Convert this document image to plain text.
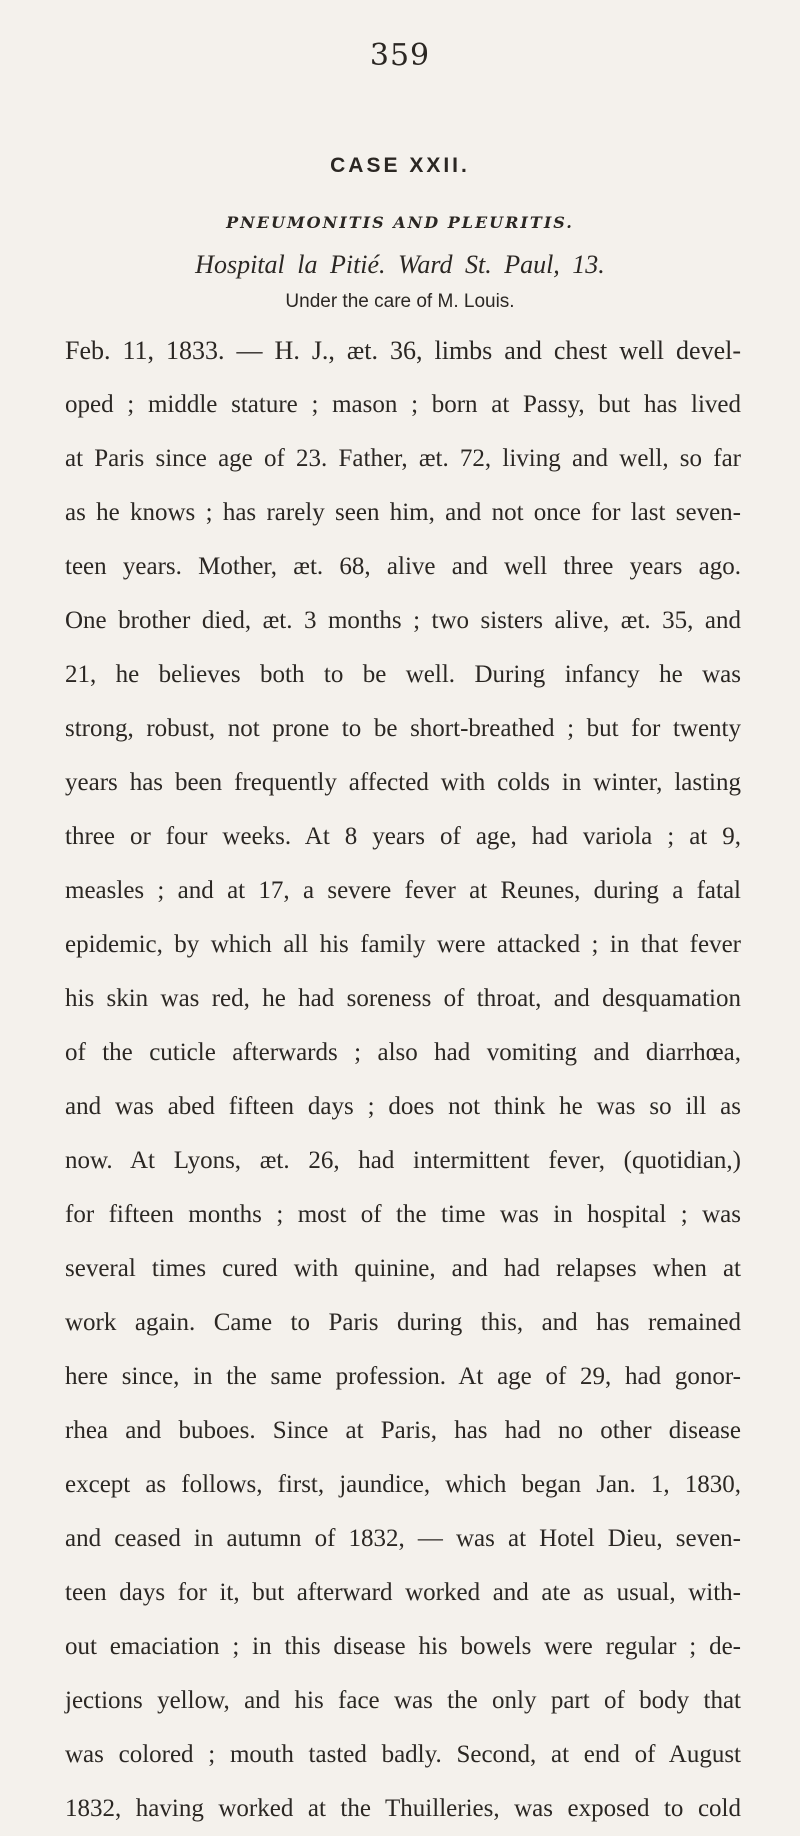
359
CASE XXII.
PNEUMONITIS AND PLEURITIS.
Hospital la Pitié. Ward St. Paul, 13.
Under the care of M. Louis.
Feb. 11, 1833. — H. J., æt. 36, limbs and chest well devel-
oped ; middle stature ; mason ; born at Passy, but has lived
at Paris since age of 23. Father, æt. 72, living and well, so far
as he knows ; has rarely seen him, and not once for last seven-
teen years. Mother, æt. 68, alive and well three years ago.
One brother died, æt. 3 months ; two sisters alive, æt. 35, and
21, he believes both to be well. During infancy he was
strong, robust, not prone to be short-breathed ; but for twenty
years has been frequently affected with colds in winter, lasting
three or four weeks. At 8 years of age, had variola ; at 9,
measles ; and at 17, a severe fever at Reunes, during a fatal
epidemic, by which all his family were attacked ; in that fever
his skin was red, he had soreness of throat, and desquamation
of the cuticle afterwards ; also had vomiting and diarrhœa,
and was abed fifteen days ; does not think he was so ill as
now. At Lyons, æt. 26, had intermittent fever, (quotidian,)
for fifteen months ; most of the time was in hospital ; was
several times cured with quinine, and had relapses when at
work again. Came to Paris during this, and has remained
here since, in the same profession. At age of 29, had gonor-
rhea and buboes. Since at Paris, has had no other disease
except as follows, first, jaundice, which began Jan. 1, 1830,
and ceased in autumn of 1832, — was at Hotel Dieu, seven-
teen days for it, but afterward worked and ate as usual, with-
out emaciation ; in this disease his bowels were regular ; de-
jections yellow, and his face was the only part of body that
was colored ; mouth tasted badly. Second, at end of August
1832, having worked at the Thuilleries, was exposed to cold
